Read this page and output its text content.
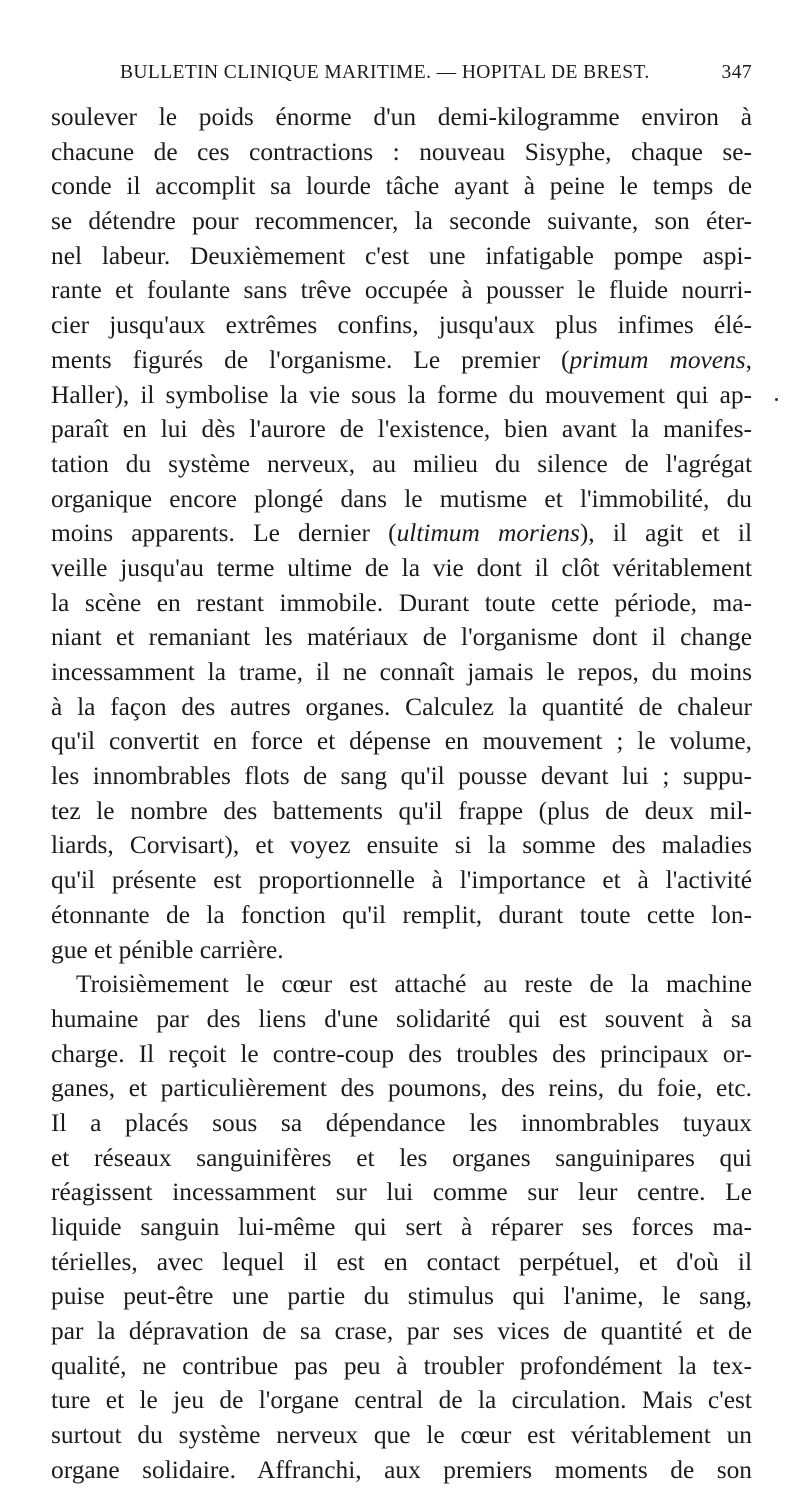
BULLETIN CLINIQUE MARITIME. — HOPITAL DE BREST.	347
soulever le poids énorme d'un demi-kilogramme environ à
chacune de ces contractions : nouveau Sisyphe, chaque se-
conde il accomplit sa lourde tâche ayant à peine le temps de
se détendre pour recommencer, la seconde suivante, son éter-
nel labeur. Deuxièmement c'est une infatigable pompe aspi-
rante et foulante sans trêve occupée à pousser le fluide nourri-
cier jusqu'aux extrêmes confins, jusqu'aux plus infimes élé-
ments figurés de l'organisme. Le premier (primum movens,
Haller), il symbolise la vie sous la forme du mouvement qui ap-
paraît en lui dès l'aurore de l'existence, bien avant la manifes-
tation du système nerveux, au milieu du silence de l'agrégat
organique encore plongé dans le mutisme et l'immobilité, du
moins apparents. Le dernier (ultimum moriens), il agit et il
veille jusqu'au terme ultime de la vie dont il clôt véritablement
la scène en restant immobile. Durant toute cette période, ma-
niant et remaniant les matériaux de l'organisme dont il change
incessamment la trame, il ne connaît jamais le repos, du moins
à la façon des autres organes. Calculez la quantité de chaleur
qu'il convertit en force et dépense en mouvement ; le volume,
les innombrables flots de sang qu'il pousse devant lui ; suppu-
tez le nombre des battements qu'il frappe (plus de deux mil-
liards, Corvisart), et voyez ensuite si la somme des maladies
qu'il présente est proportionnelle à l'importance et à l'activité
étonnante de la fonction qu'il remplit, durant toute cette lon-
gue et pénible carrière.
Troisièmement le cœur est attaché au reste de la machine
humaine par des liens d'une solidarité qui est souvent à sa
charge. Il reçoit le contre-coup des troubles des principaux or-
ganes, et particulièrement des poumons, des reins, du foie, etc.
Il a placés sous sa dépendance les innombrables tuyaux
et réseaux sanguinifères et les organes sanguinipares qui
réagissent incessamment sur lui comme sur leur centre. Le
liquide sanguin lui-même qui sert à réparer ses forces ma-
térielles, avec lequel il est en contact perpétuel, et d'où il
puise peut-être une partie du stimulus qui l'anime, le sang,
par la dépravation de sa crase, par ses vices de quantité et de
qualité, ne contribue pas peu à troubler profondément la tex-
ture et le jeu de l'organe central de la circulation. Mais c'est
surtout du système nerveux que le cœur est véritablement un
organe solidaire. Affranchi, aux premiers moments de son
